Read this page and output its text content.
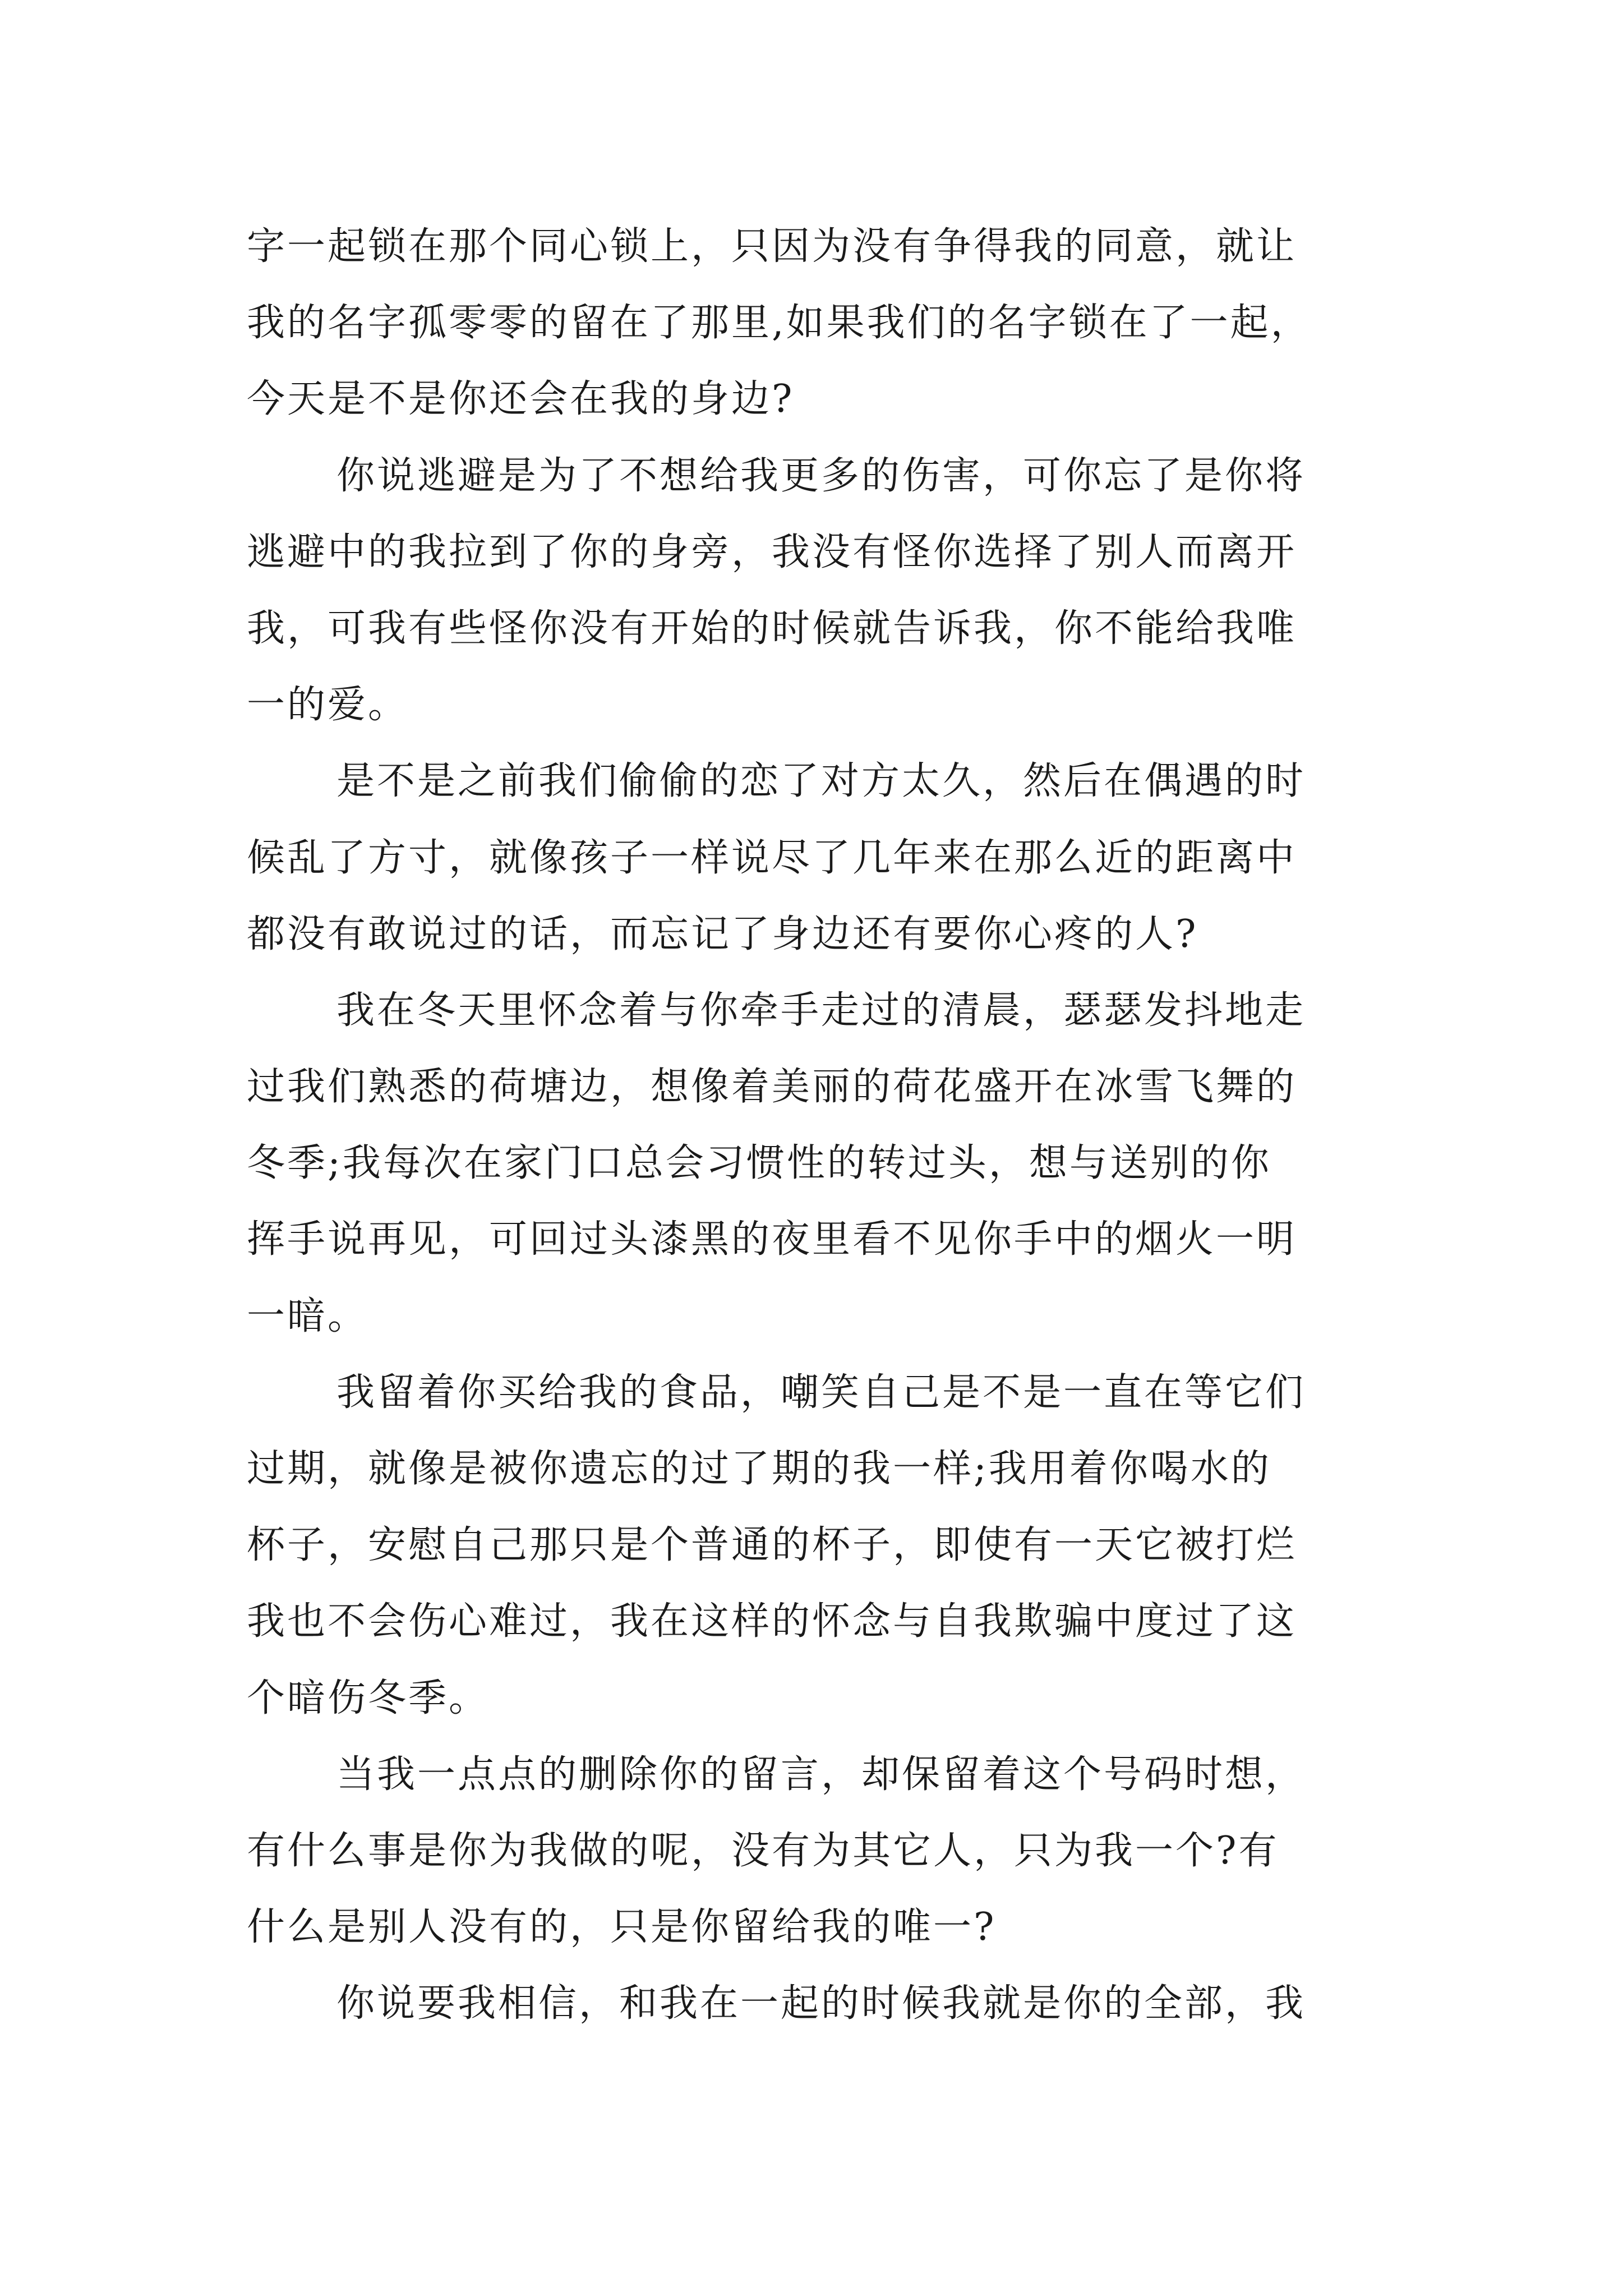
字一起锁在那个同心锁上，只因为没有争得我的同意，就让
我的名字孤零零的留在了那里,如果我们的名字锁在了一起，
今天是不是你还会在我的身边?
你说逃避是为了不想给我更多的伤害，可你忘了是你将
逃避中的我拉到了你的身旁，我没有怪你选择了别人而离开
我，可我有些怪你没有开始的时候就告诉我，你不能给我唯
一的爱。
是不是之前我们偷偷的恋了对方太久，然后在偶遇的时
候乱了方寸，就像孩子一样说尽了几年来在那么近的距离中
都没有敢说过的话，而忘记了身边还有要你心疼的人?
我在冬天里怀念着与你牵手走过的清晨，瑟瑟发抖地走
过我们熟悉的荷塘边，想像着美丽的荷花盛开在冰雪飞舞的
冬季;我每次在家门口总会习惯性的转过头，想与送别的你
挥手说再见，可回过头漆黑的夜里看不见你手中的烟火一明
一暗。
我留着你买给我的食品，嘲笑自己是不是一直在等它们
过期，就像是被你遗忘的过了期的我一样;我用着你喝水的
杯子，安慰自己那只是个普通的杯子，即使有一天它被打烂
我也不会伤心难过，我在这样的怀念与自我欺骗中度过了这
个暗伤冬季。
当我一点点的删除你的留言，却保留着这个号码时想，
有什么事是你为我做的呢，没有为其它人，只为我一个?有
什么是别人没有的，只是你留给我的唯一?
你说要我相信，和我在一起的时候我就是你的全部，我
